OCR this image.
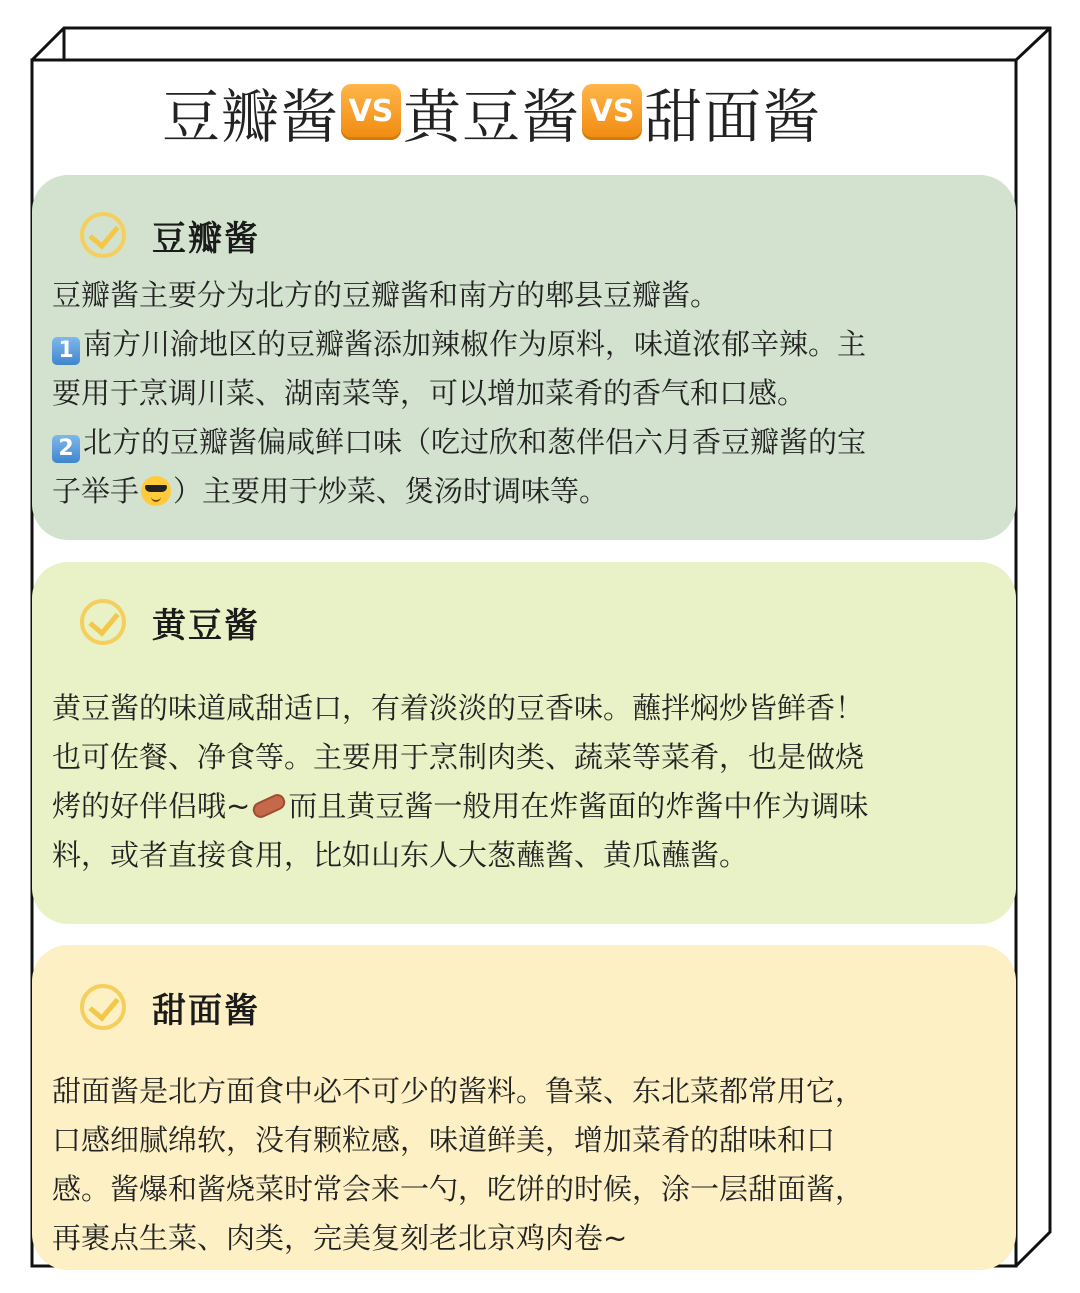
豆瓣酱 VS 黄豆酱 VS 甜面酱
豆瓣酱
豆瓣酱主要分为北方的豆瓣酱和南方的郫县豆瓣酱。
1 南方川渝地区的豆瓣酱添加辣椒作为原料，味道浓郁辛辣。主
要用于烹调川菜、湖南菜等，可以增加菜肴的香气和口感。
2 北方的豆瓣酱偏咸鲜口味（吃过欣和葱伴侣六月香豆瓣酱的宝
子举手 ）主要用于炒菜、煲汤时调味等。
黄豆酱
黄豆酱的味道咸甜适口，有着淡淡的豆香味。蘸拌焖炒皆鲜香！
也可佐餐、净食等。主要用于烹制肉类、蔬菜等菜肴，也是做烧
烤的好伴侣哦~ 而且黄豆酱一般用在炸酱面的炸酱中作为调味
料，或者直接食用，比如山东人大葱蘸酱、黄瓜蘸酱。
甜面酱
甜面酱是北方面食中必不可少的酱料。鲁菜、东北菜都常用它，
口感细腻绵软，没有颗粒感，味道鲜美，增加菜肴的甜味和口
感。酱爆和酱烧菜时常会来一勺，吃饼的时候，涂一层甜面酱，
再裹点生菜、肉类，完美复刻老北京鸡肉卷~
